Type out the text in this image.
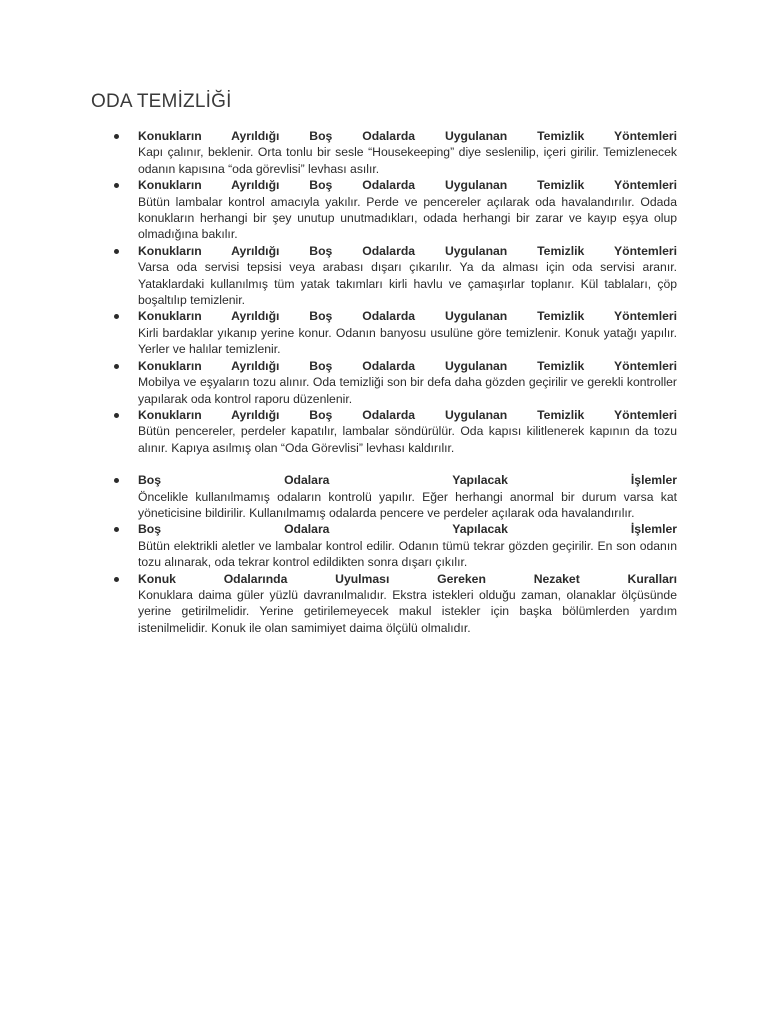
ODA TEMİZLİĞİ
Konukların Ayrıldığı Boş Odalarda Uygulanan Temizlik Yöntemleri
Kapı çalınır, beklenir. Orta tonlu bir sesle “Housekeeping” diye seslenilip, içeri girilir. Temizlenecek odanın kapısına “oda görevlisi” levhası asılır.
Konukların Ayrıldığı Boş Odalarda Uygulanan Temizlik Yöntemleri
Bütün lambalar kontrol amacıyla yakılır. Perde ve pencereler açılarak oda havalandırılır. Odada konukların herhangi bir şey unutup unutmadıkları, odada herhangi bir zarar ve kayıp eşya olup olmadığına bakılır.
Konukların Ayrıldığı Boş Odalarda Uygulanan Temizlik Yöntemleri
Varsa oda servisi tepsisi veya arabası dışarı çıkarılır. Ya da alması için oda servisi aranır. Yataklardaki kullanılmış tüm yatak takımları kirli havlu ve çamaşırlar toplanır. Kül tablaları, çöp boşaltılıp temizlenir.
Konukların Ayrıldığı Boş Odalarda Uygulanan Temizlik Yöntemleri
Kirli bardaklar yıkanıp yerine konur. Odanın banyosu usulüne göre temizlenir. Konuk yatağı yapılır. Yerler ve halılar temizlenir.
Konukların Ayrıldığı Boş Odalarda Uygulanan Temizlik Yöntemleri
Mobilya ve eşyaların tozu alınır. Oda temizliği son bir defa daha gözden geçirilir ve gerekli kontroller yapılarak oda kontrol raporu düzenlenir.
Konukların Ayrıldığı Boş Odalarda Uygulanan Temizlik Yöntemleri
Bütün pencereler, perdeler kapatılır, lambalar söndürülür. Oda kapısı kilitlenerek kapının da tozu alınır. Kapıya asılmış olan “Oda Görevlisi” levhası kaldırılır.
Boş Odalara Yapılacak İşlemler
Öncelikle kullanılmamış odaların kontrolü yapılır. Eğer herhangi anormal bir durum varsa kat yöneticisine bildirilir. Kullanılmamış odalarda pencere ve perdeler açılarak oda havalandırılır.
Boş Odalara Yapılacak İşlemler
Bütün elektrikli aletler ve lambalar kontrol edilir. Odanın tümü tekrar gözden geçirilir. En son odanın tozu alınarak, oda tekrar kontrol edildikten sonra dışarı çıkılır.
Konuk Odalarında Uyulması Gereken Nezaket Kuralları
Konuklara daima güler yüzlü davranılmalıdır. Ekstra istekleri olduğu zaman, olanaklar ölçüsünde yerine getirilmelidir. Yerine getirilemeyecek makul istekler için başka bölümlerden yardım istenilmelidir. Konuk ile olan samimiyet daima ölçülü olmalıdır.
